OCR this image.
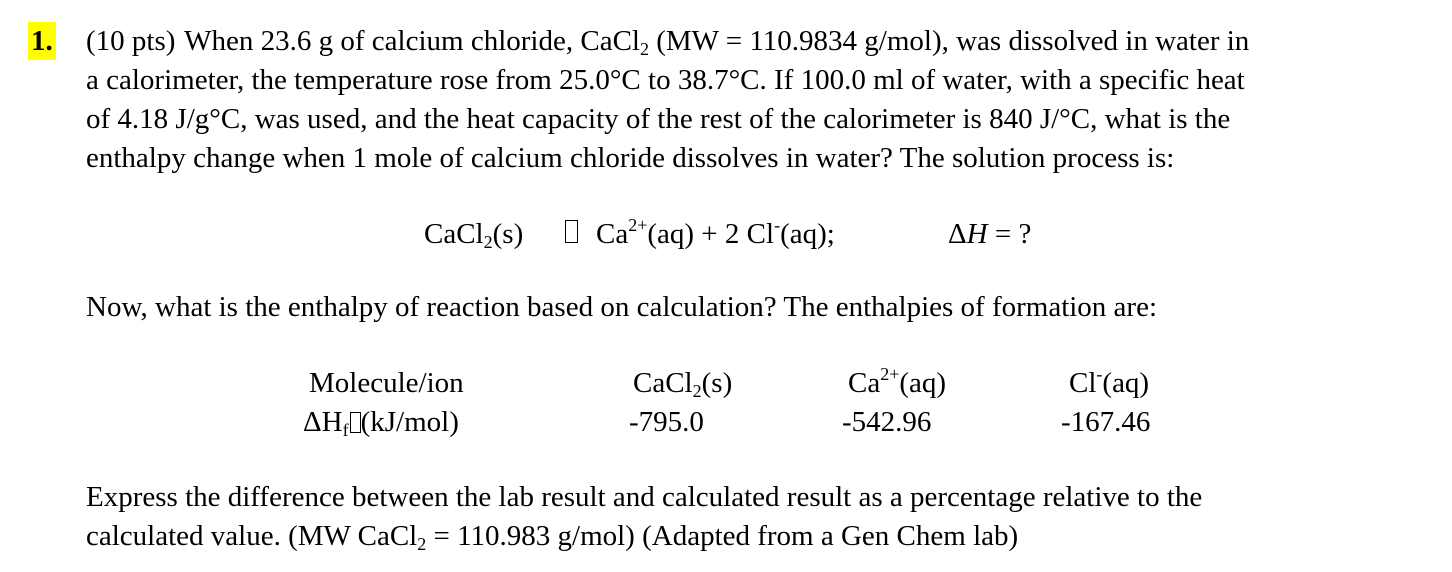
1. (10 pts) When 23.6 g of calcium chloride, CaCl$_2$ (MW = 110.9834 g/mol), was dissolved in water in
a calorimeter, the temperature rose from 25.0°C to 38.7°C. If 100.0 ml of water, with a specific heat
of 4.18 J/g°C, was used, and the heat capacity of the rest of the calorimeter is 840 J/°C, what is the
enthalpy change when 1 mole of calcium chloride dissolves in water? The solution process is:
CaCl$_2$(s)	$Ca^{2+}(aq) + 2$ Cl-(aq);	ΔH = ?
Now, what is the enthalpy of reaction based on calculation? The enthalpies of formation are:
Molecule/ion
$\Delta H_f$ (kJ/mol)
CaCl$_2$(s)
-795.0
$Ca^{2+}(aq)$
-542.96
Cl-(aq)
-167.46
Express the difference between the lab result and calculated result as a percentage relative to the
calculated value. (MW CaCl$_2$ = 110.983 g/mol) (Adapted from a Gen Chem lab)
